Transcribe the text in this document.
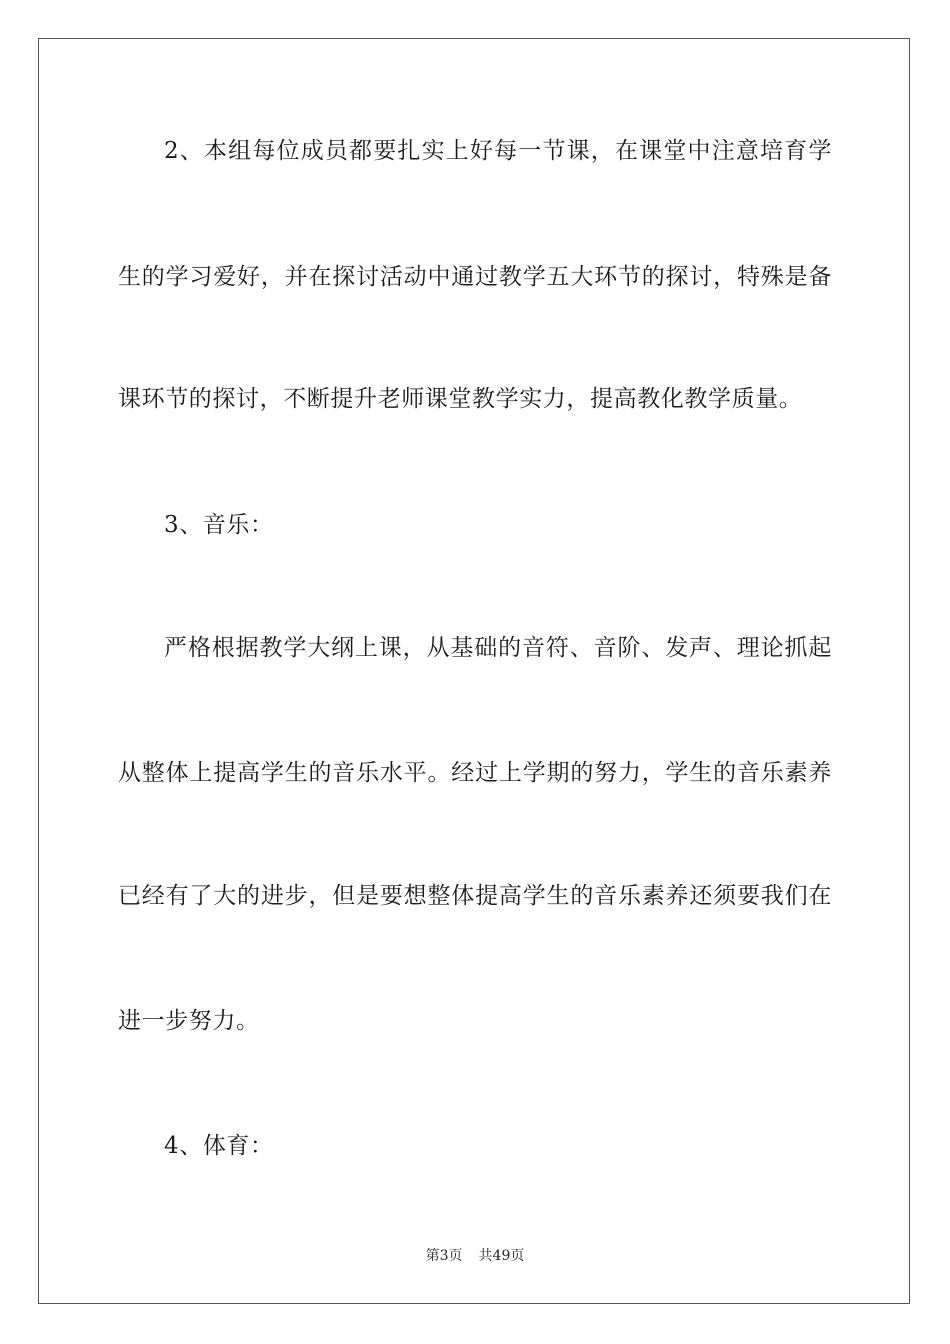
2、本组每位成员都要扎实上好每一节课，在课堂中注意培育学
生的学习爱好，并在探讨活动中通过教学五大环节的探讨，特殊是备
课环节的探讨，不断提升老师课堂教学实力，提高教化教学质量。
3、音乐：
严格根据教学大纲上课，从基础的音符、音阶、发声、理论抓起
从整体上提高学生的音乐水平。经过上学期的努力，学生的音乐素养
已经有了大的进步，但是要想整体提高学生的音乐素养还须要我们在
进一步努力。
4、体育：
第3页 共49页
